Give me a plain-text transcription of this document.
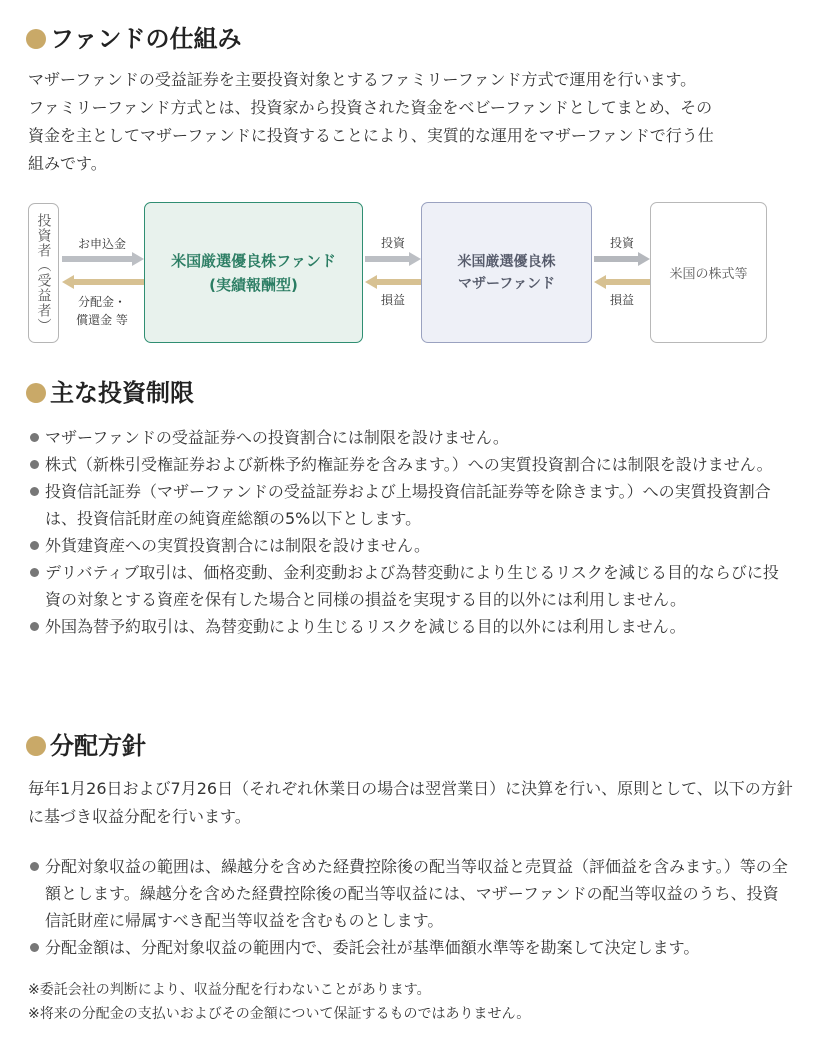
ファンドの仕組み
マザーファンドの受益証券を主要投資対象とするファミリーファンド方式で運用を行います。
ファミリーファンド方式とは、投資家から投資された資金をベビーファンドとしてまとめ、その
資金を主としてマザーファンドに投資することにより、実質的な運用をマザーファンドで行う仕
組みです。
投資者（受益者）	お申込金
分配金・
償還金 等
米国厳選優良株ファンド
(実績報酬型)
投資
損益
米国厳選優良株
マザーファンド
投資
損益
米国の株式等
主な投資制限
マザーファンドの受益証券への投資割合には制限を設けません。
株式（新株引受権証券および新株予約権証券を含みます。）への実質投資割合には制限を設けません。
投資信託証券（マザーファンドの受益証券および上場投資信託証券等を除きます。）への実質投資割合は、投資信託財産の純資産総額の5%以下とします。
外貨建資産への実質投資割合には制限を設けません。
デリバティブ取引は、価格変動、金利変動および為替変動により生じるリスクを減じる目的ならびに投資の対象とする資産を保有した場合と同様の損益を実現する目的以外には利用しません。
外国為替予約取引は、為替変動により生じるリスクを減じる目的以外には利用しません。
分配方針
毎年1月26日および7月26日（それぞれ休業日の場合は翌営業日）に決算を行い、原則として、以下の方針に基づき収益分配を行います。
分配対象収益の範囲は、繰越分を含めた経費控除後の配当等収益と売買益（評価益を含みます。）等の全額とします。繰越分を含めた経費控除後の配当等収益には、マザーファンドの配当等収益のうち、投資信託財産に帰属すべき配当等収益を含むものとします。
分配金額は、分配対象収益の範囲内で、委託会社が基準価額水準等を勘案して決定します。
※委託会社の判断により、収益分配を行わないことがあります。
※将来の分配金の支払いおよびその金額について保証するものではありません。
